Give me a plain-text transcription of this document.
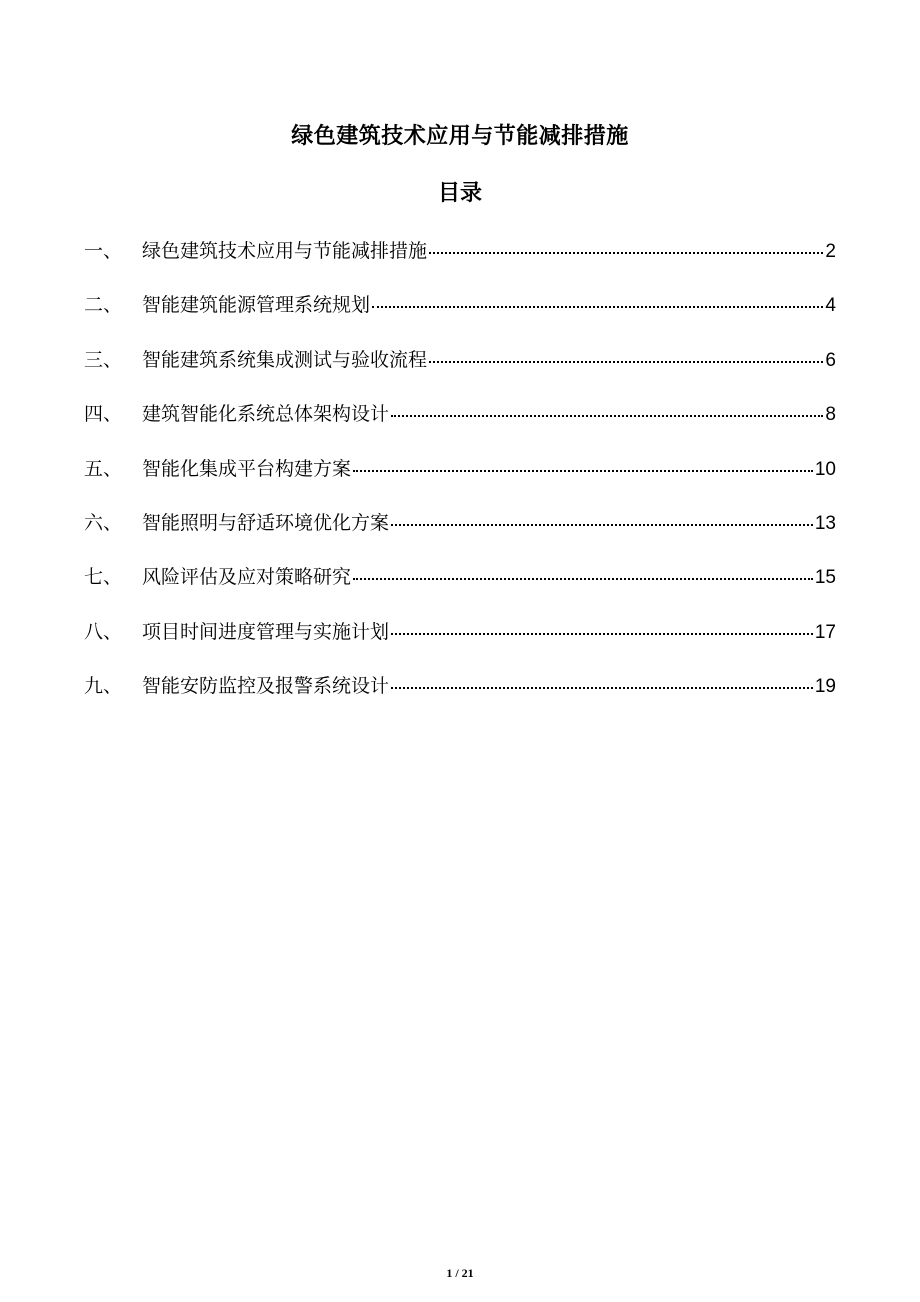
绿色建筑技术应用与节能减排措施
目录
一、	绿色建筑技术应用与节能减排措施	2
二、	智能建筑能源管理系统规划	4
三、	智能建筑系统集成测试与验收流程	6
四、	建筑智能化系统总体架构设计	8
五、	智能化集成平台构建方案	10
六、	智能照明与舒适环境优化方案	13
七、	风险评估及应对策略研究	15
八、	项目时间进度管理与实施计划	17
九、	智能安防监控及报警系统设计	19
1 / 21
